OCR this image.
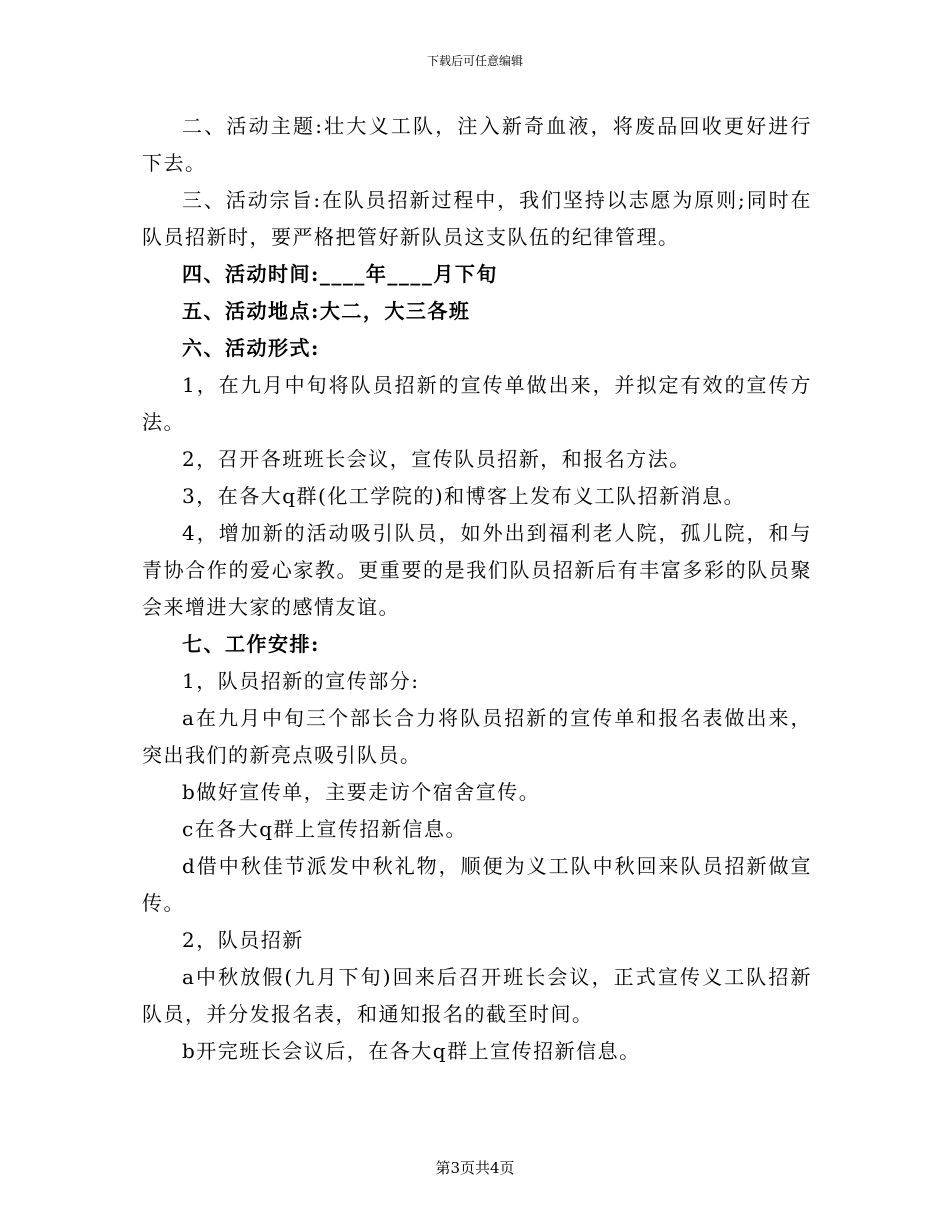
下载后可任意编辑

二、活动主题:壮大义工队，注入新奇血液，将废品回收更好进行下去。

三、活动宗旨:在队员招新过程中，我们坚持以志愿为原则;同时在队员招新时，要严格把管好新队员这支队伍的纪律管理。

四、活动时间:____年____月下旬

五、活动地点:大二，大三各班

六、活动形式:

1，在九月中旬将队员招新的宣传单做出来，并拟定有效的宣传方法。

2，召开各班班长会议，宣传队员招新，和报名方法。

3，在各大q群(化工学院的)和博客上发布义工队招新消息。

4，增加新的活动吸引队员，如外出到福利老人院，孤儿院，和与青协合作的爱心家教。更重要的是我们队员招新后有丰富多彩的队员聚会来增进大家的感情友谊。

七、工作安排:

1，队员招新的宣传部分:

a在九月中旬三个部长合力将队员招新的宣传单和报名表做出来，突出我们的新亮点吸引队员。

b做好宣传单，主要走访个宿舍宣传。

c在各大q群上宣传招新信息。

d借中秋佳节派发中秋礼物，顺便为义工队中秋回来队员招新做宣传。

2，队员招新

a中秋放假(九月下旬)回来后召开班长会议，正式宣传义工队招新队员，并分发报名表，和通知报名的截至时间。

b开完班长会议后，在各大q群上宣传招新信息。

第3页共4页
